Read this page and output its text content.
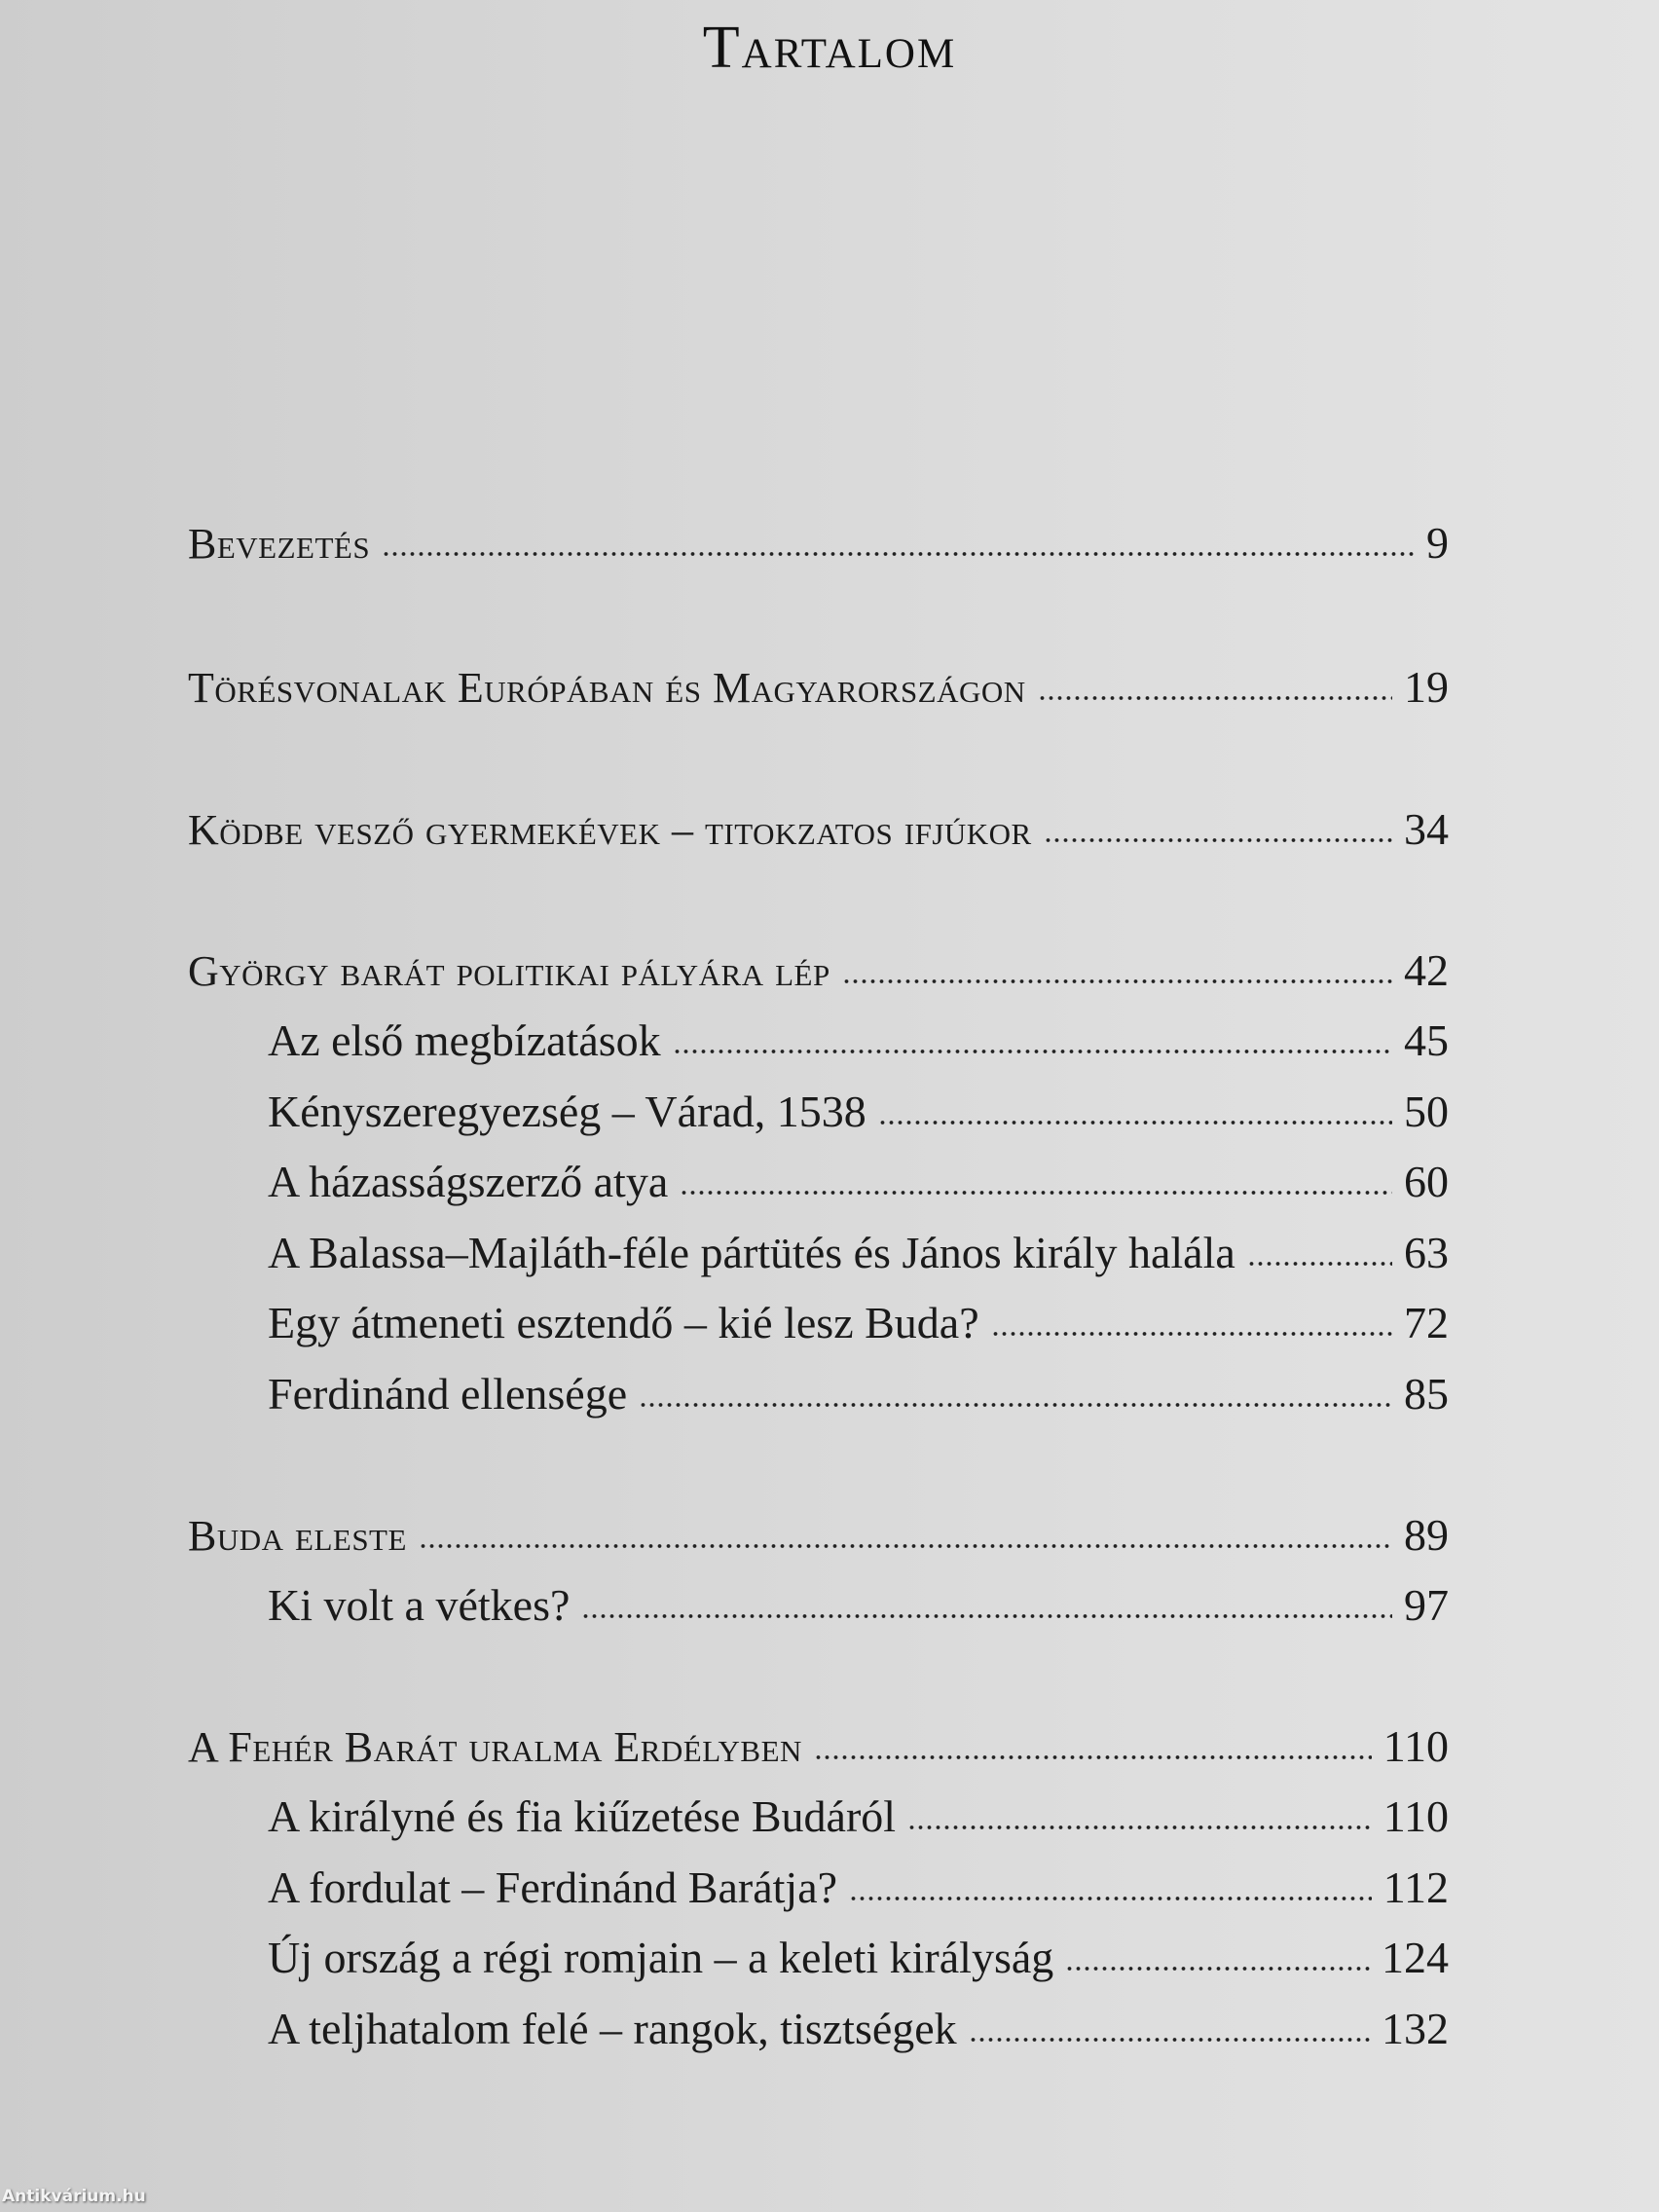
Tartalom
Bevezetés	9
Törésvonalak Európában és Magyarországon	19
Ködbe vesző gyermekévek – titokzatos ifjúkor	34
György barát politikai pályára lép	42
Az első megbízatások	45
Kényszeregyezség – Várad, 1538	50
A házasságszerző atya	60
A Balassa–Majláth-féle pártütés és János király halála	63
Egy átmeneti esztendő – kié lesz Buda?	72
Ferdinánd ellensége	85
Buda eleste	89
Ki volt a vétkes?	97
A Fehér Barát uralma Erdélyben	110
A királyné és fia kiűzetése Budáról	110
A fordulat – Ferdinánd Barátja?	112
Új ország a régi romjain – a keleti királyság	124
A teljhatalom felé – rangok, tisztségek	132
Antikvárium.hu
